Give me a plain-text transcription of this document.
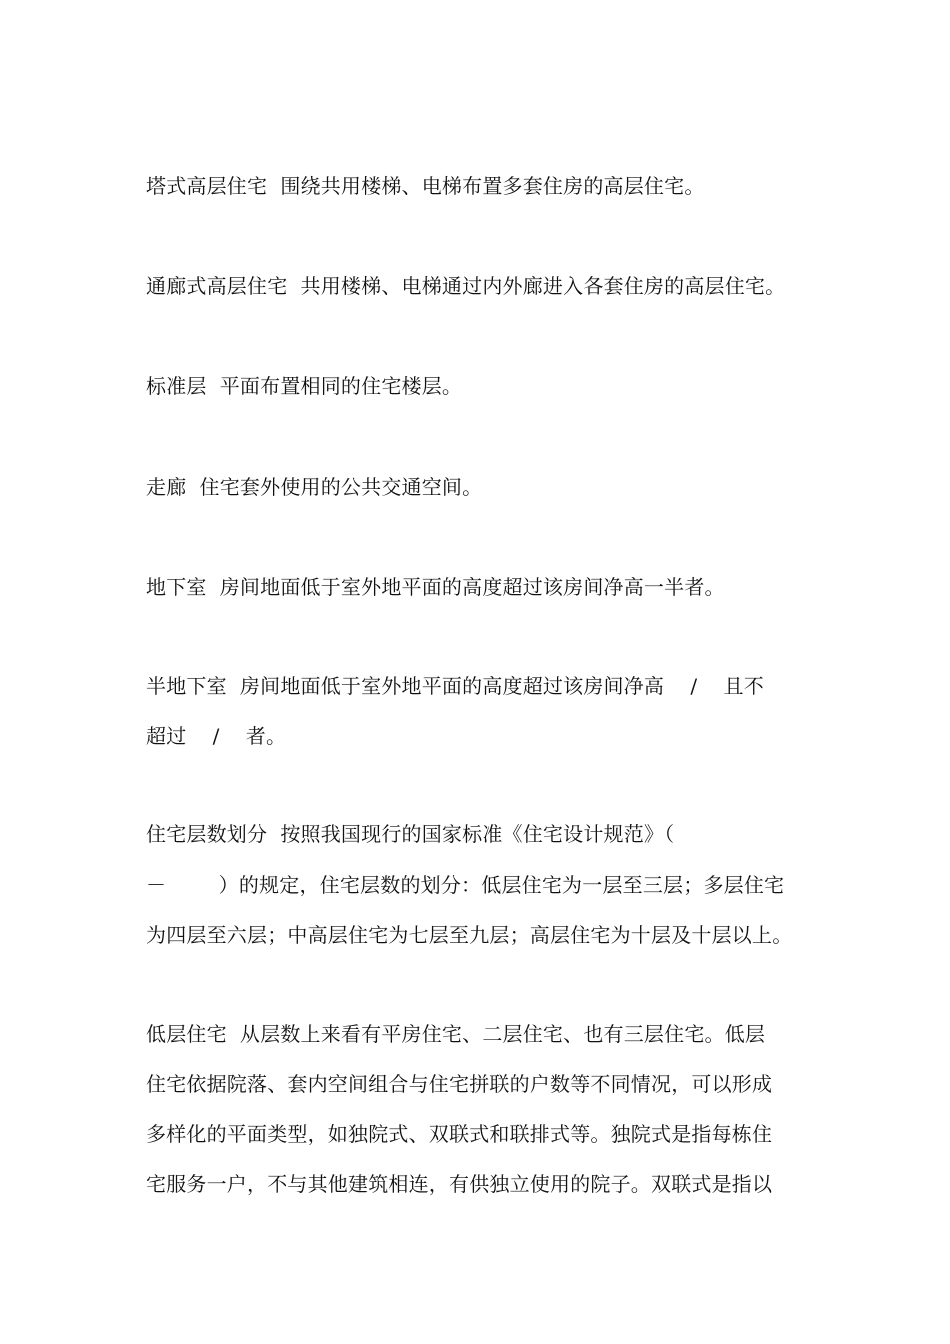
塔式高层住宅  围绕共用楼梯、电梯布置多套住房的高层住宅。
通廊式高层住宅  共用楼梯、电梯通过内外廊进入各套住房的高层住宅。
标准层  平面布置相同的住宅楼层。
走廊  住宅套外使用的公共交通空间。
地下室  房间地面低于室外地平面的高度超过该房间净高一半者。
半地下室  房间地面低于室外地平面的高度超过该房间净高    /    且不
超过    /    者。
住宅层数划分  按照我国现行的国家标准《住宅设计规范》（
－        ）的规定，住宅层数的划分：低层住宅为一层至三层；多层住宅
为四层至六层；中高层住宅为七层至九层；高层住宅为十层及十层以上。
低层住宅  从层数上来看有平房住宅、二层住宅、也有三层住宅。低层
住宅依据院落、套内空间组合与住宅拼联的户数等不同情况，可以形成
多样化的平面类型，如独院式、双联式和联排式等。独院式是指每栋住
宅服务一户，不与其他建筑相连，有供独立使用的院子。双联式是指以
